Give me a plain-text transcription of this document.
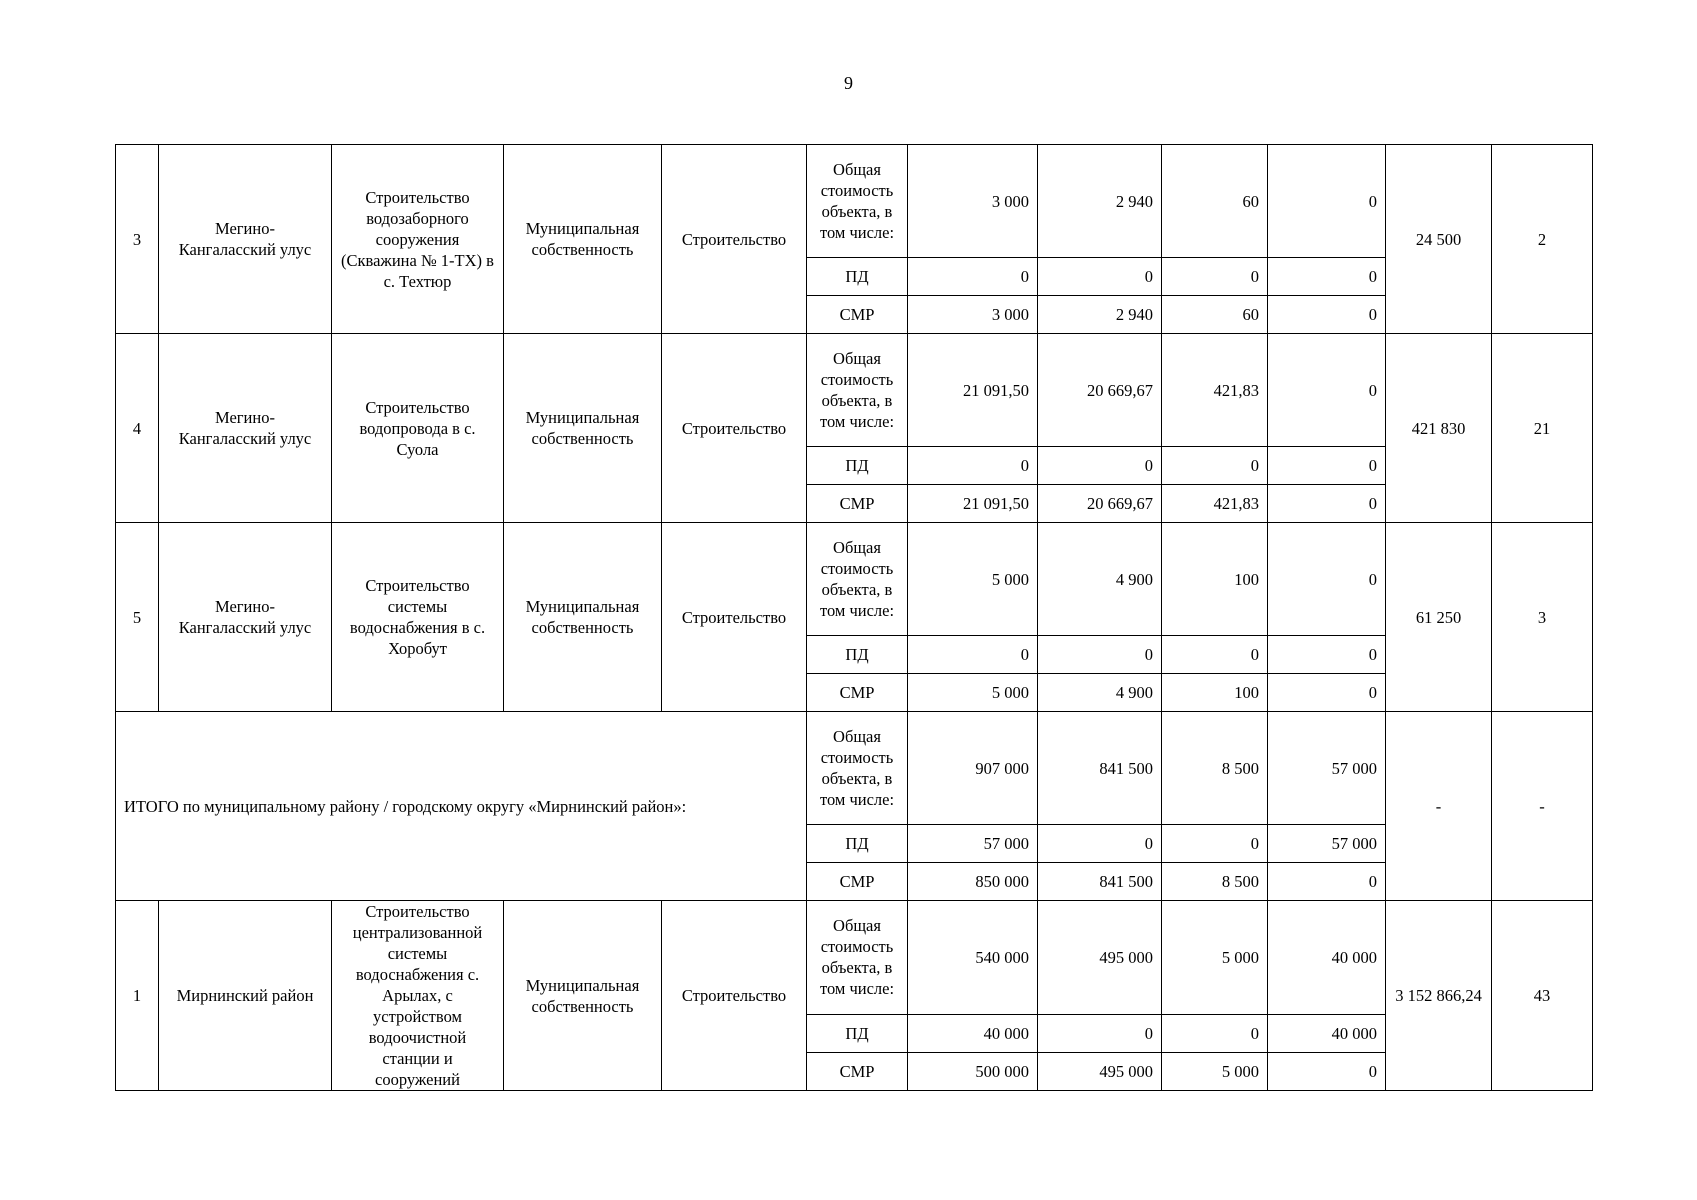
9
3	Мегино-Кангаласский улус	Строительство водозаборного сооружения (Скважина № 1-ТХ) в с. Техтюр	Муниципальная собственность	Строительство	Общая стоимость объекта, в том числе:	3 000	2 940	60	0	24 500	2
					ПД	0	0	0	0		
					СМР	3 000	2 940	60	0		
4	Мегино-Кангаласский улус	Строительство водопровода в с. Суола	Муниципальная собственность	Строительство	Общая стоимость объекта, в том числе:	21 091,50	20 669,67	421,83	0	421 830	21
					ПД	0	0	0	0		
					СМР	21 091,50	20 669,67	421,83	0		
5	Мегино-Кангаласский улус	Строительство системы водоснабжения в с. Хоробут	Муниципальная собственность	Строительство	Общая стоимость объекта, в том числе:	5 000	4 900	100	0	61 250	3
					ПД	0	0	0	0		
					СМР	5 000	4 900	100	0		
ИТОГО по муниципальному району / городскому округу «Мирнинский район»:					Общая стоимость объекта, в том числе:	907 000	841 500	8 500	57 000	-	-
					ПД	57 000	0	0	57 000		
					СМР	850 000	841 500	8 500	0		
1	Мирнинский район	Строительство централизованной системы водоснабжения с. Арылах, с устройством водоочистной станции и сооружений	Муниципальная собственность	Строительство	Общая стоимость объекта, в том числе:	540 000	495 000	5 000	40 000	3 152 866,24	43
					ПД	40 000	0	0	40 000		
					СМР	500 000	495 000	5 000	0		
